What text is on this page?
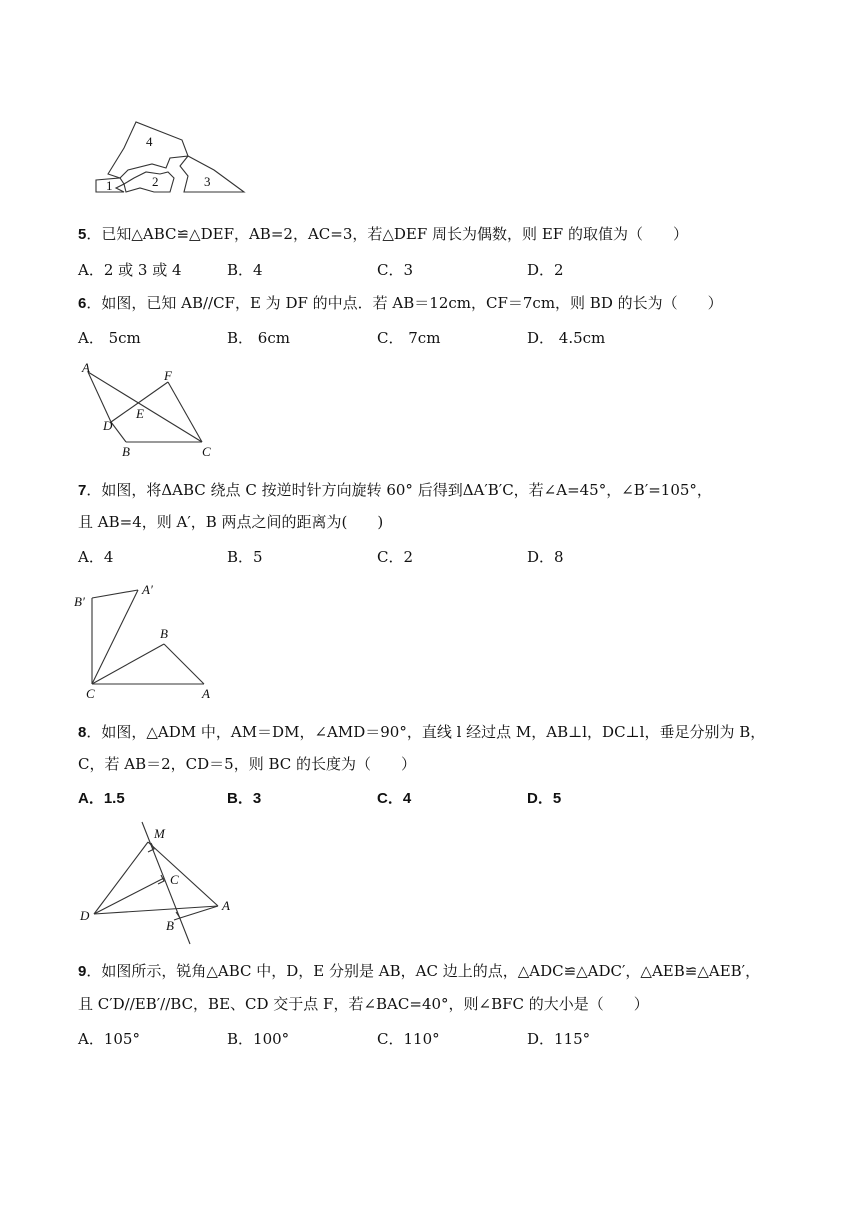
4
1	2	3
5．已知△ABC≌△DEF，AB=2，AC=3，若△DEF 周长为偶数，则 EF 的取值为（　　）
A．2 或 3 或 4	B．4	C．3	D．2
6．如图，已知 AB//CF，E 为 DF 的中点．若 AB＝12cm，CF＝7cm，则 BD 的长为（　　）
A． 5cm	B． 6cm	C． 7cm	D． 4.5cm
A
F
E
D
B	C
7．如图，将ΔABC 绕点 C 按逆时针方向旋转 60° 后得到ΔA′B′C，若∠A=45°，∠B′=105°，
且 AB=4，则 A′，B 两点之间的距离为(　　)
A．4	B．5	C．2	D．8
B′
A′
B
C	A
8．如图，△ADM 中，AM＝DM，∠AMD＝90°，直线 l 经过点 M，AB⊥l，DC⊥l，垂足分别为 B，
C，若 AB＝2，CD＝5，则 BC 的长度为（　　）
A．1.5	B．3	C．4	D．5
M
C
D
A
B
9．如图所示，锐角△ABC 中，D，E 分别是 AB，AC 边上的点，△ADC≌△ADC′，△AEB≌△AEB′，
且 C′D//EB′//BC，BE、CD 交于点 F，若∠BAC=40°，则∠BFC 的大小是（　　）
A．105°	B．100°	C．110°	D．115°
